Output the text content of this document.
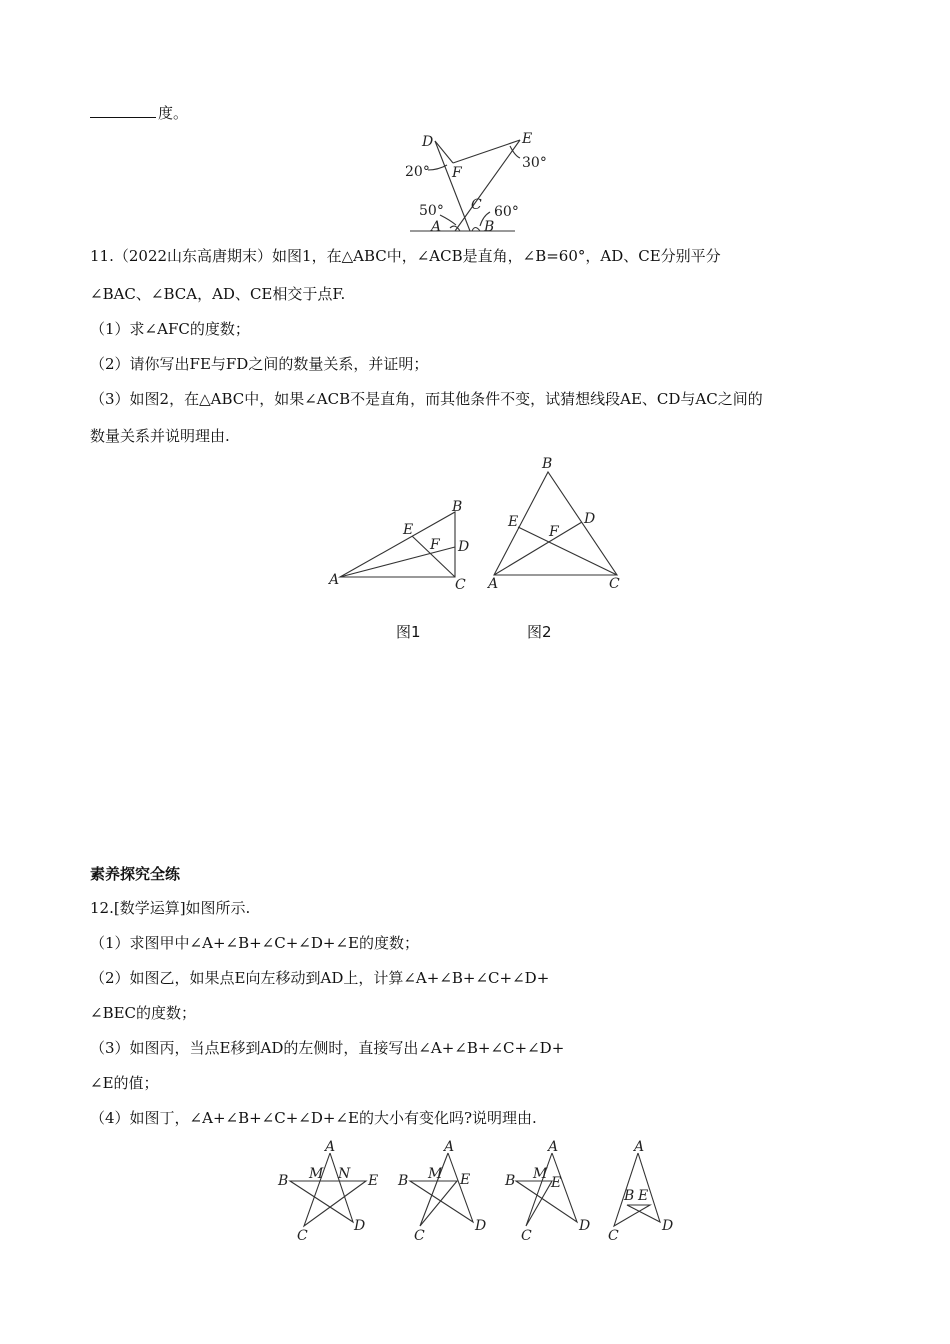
度。
D	E
F
C
A	B
20°
30°
50°	60°
11.（2022山东高唐期末）如图1，在△ABC中，∠ACB是直角，∠B=60°，AD、CE分别平分
∠BAC、∠BCA，AD、CE相交于点F.
（1）求∠AFC的度数；
（2）请你写出FE与FD之间的数量关系，并证明；
（3）如图2，在△ABC中，如果∠ACB不是直角，而其他条件不变，试猜想线段AE、CD与AC之间的
数量关系并说明理由.
A
B
C
D
E
F
A
B
C
D
E
F
图1	图2
素养探究全练
12.[数学运算]如图所示.
（1）求图甲中∠A+∠B+∠C+∠D+∠E的度数；
（2）如图乙，如果点E向左移动到AD上，计算∠A+∠B+∠C+∠D+
∠BEC的度数；
（3）如图丙，当点E移到AD的左侧时，直接写出∠A+∠B+∠C+∠D+
∠E的值；
（4）如图丁，∠A+∠B+∠C+∠D+∠E的大小有变化吗?说明理由.
A
B
C
D
E
M N
A
B
C
D
E
M
A
B
C
D
E
M
A
B
C
D
E
